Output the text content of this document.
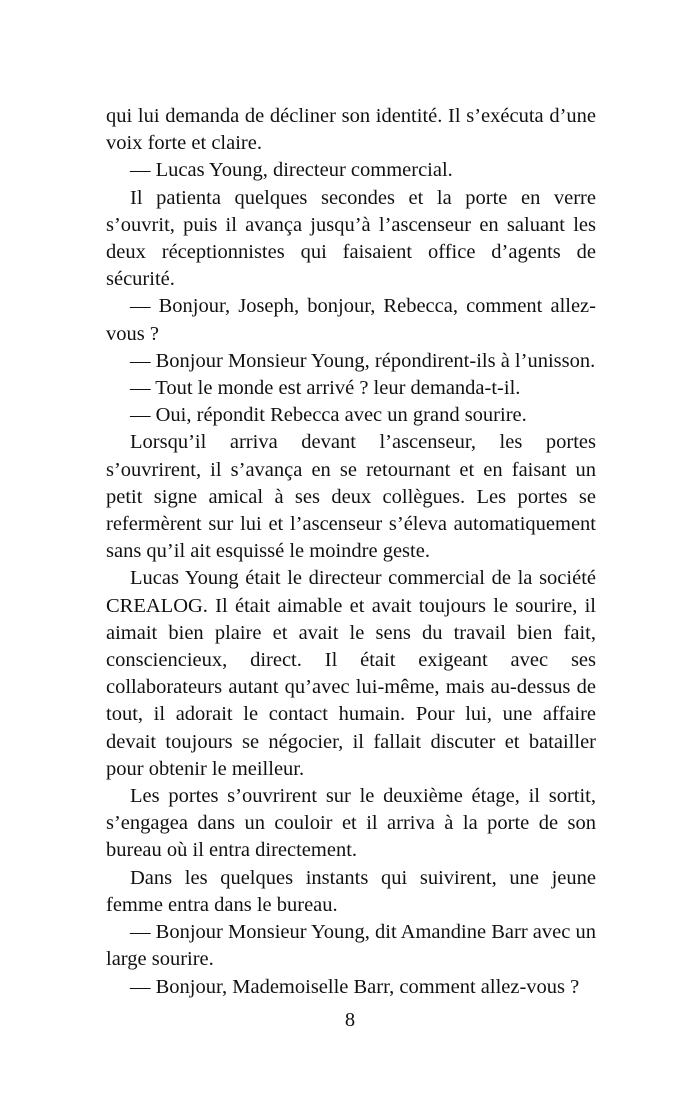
qui lui demanda de décliner son identité. Il s’exécuta d’une voix forte et claire.

— Lucas Young, directeur commercial.

Il patienta quelques secondes et la porte en verre s’ouvrit, puis il avança jusqu’à l’ascenseur en saluant les deux réceptionnistes qui faisaient office d’agents de sécurité.

— Bonjour, Joseph, bonjour, Rebecca, comment allez-vous ?

— Bonjour Monsieur Young, répondirent-ils à l’unisson.

— Tout le monde est arrivé ? leur demanda-t-il.

— Oui, répondit Rebecca avec un grand sourire.

Lorsqu’il arriva devant l’ascenseur, les portes s’ouvrirent, il s’avança en se retournant et en faisant un petit signe amical à ses deux collègues. Les portes se refermèrent sur lui et l’ascenseur s’éleva automatiquement sans qu’il ait esquissé le moindre geste.

Lucas Young était le directeur commercial de la société CREALOG. Il était aimable et avait toujours le sourire, il aimait bien plaire et avait le sens du travail bien fait, consciencieux, direct. Il était exigeant avec ses collaborateurs autant qu’avec lui-même, mais au-dessus de tout, il adorait le contact humain. Pour lui, une affaire devait toujours se négocier, il fallait discuter et batailler pour obtenir le meilleur.

Les portes s’ouvrirent sur le deuxième étage, il sortit, s’engagea dans un couloir et il arriva à la porte de son bureau où il entra directement.

Dans les quelques instants qui suivirent, une jeune femme entra dans le bureau.

— Bonjour Monsieur Young, dit Amandine Barr avec un large sourire.

— Bonjour, Mademoiselle Barr, comment allez-vous ?

8
